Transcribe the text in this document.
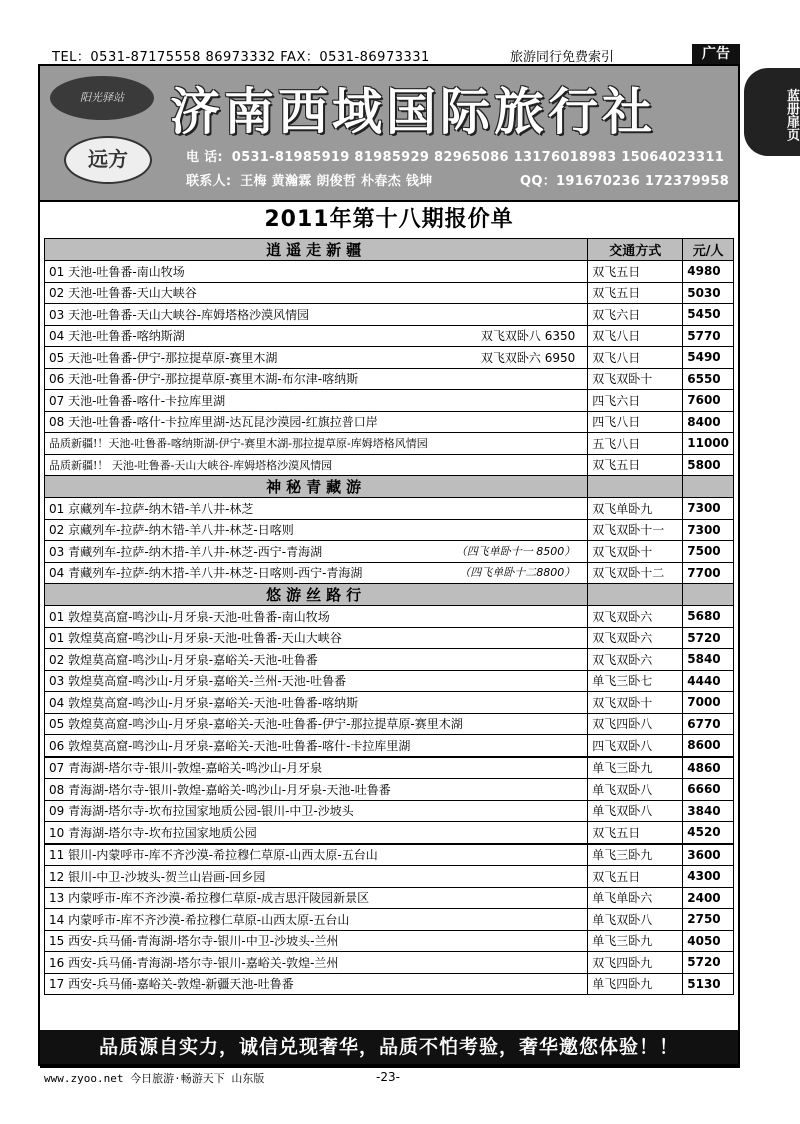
TEL：0531-87175558 86973332 FAX：0531-86973331	旅游同行免费索引	广告
蓝册扉页
阳光驿站
远方
济南西域国际旅行社
电 话: 0531-81985919 81985929 82965086 13176018983 15064023311
联系人: 王梅 黄瀚霖 朗俊哲 朴春杰 钱坤	QQ：191670236 172379958
2011年第十八期报价单
逍遥走新疆	交通方式	元/人
01 天池-吐鲁番-南山牧场	双飞五日	4980
02 天池-吐鲁番-天山大峡谷	双飞五日	5030
03 天池-吐鲁番-天山大峡谷-库姆塔格沙漠风情园	双飞六日	5450
04 天池-吐鲁番-喀纳斯湖 双飞双卧八 6350	双飞八日	5770
05 天池-吐鲁番-伊宁-那拉提草原-赛里木湖 双飞双卧六 6950	双飞八日	5490
06 天池-吐鲁番-伊宁-那拉提草原-赛里木湖-布尔津-喀纳斯	双飞双卧十	6550
07 天池-吐鲁番-喀什-卡拉库里湖	四飞六日	7600
08 天池-吐鲁番-喀什-卡拉库里湖-达瓦昆沙漠园-红旗拉普口岸	四飞八日	8400
品质新疆!！天池-吐鲁番-喀纳斯湖-伊宁-赛里木湖-那拉提草原-库姆塔格风情园	五飞八日	11000
品质新疆!！ 天池-吐鲁番-天山大峡谷-库姆塔格沙漠风情园	双飞五日	5800
神秘青藏游		
01 京藏列车-拉萨-纳木错-羊八井-林芝	双飞单卧九	7300
02 京藏列车-拉萨-纳木错-羊八井-林芝-日喀则	双飞双卧十一	7300
03 青藏列车-拉萨-纳木措-羊八井-林芝-西宁-青海湖 （四飞单卧十一 8500）	双飞双卧十	7500
04 青藏列车-拉萨-纳木措-羊八井-林芝-日喀则-西宁-青海湖 （四飞单卧十二8800）	双飞双卧十二	7700
悠游丝路行		
01 敦煌莫高窟-鸣沙山-月牙泉-天池-吐鲁番-南山牧场	双飞双卧六	5680
01 敦煌莫高窟-鸣沙山-月牙泉-天池-吐鲁番-天山大峡谷	双飞双卧六	5720
02 敦煌莫高窟-鸣沙山-月牙泉-嘉峪关-天池-吐鲁番	双飞双卧六	5840
03 敦煌莫高窟-鸣沙山-月牙泉-嘉峪关-兰州-天池-吐鲁番	单飞三卧七	4440
04 敦煌莫高窟-鸣沙山-月牙泉-嘉峪关-天池-吐鲁番-喀纳斯	双飞双卧十	7000
05 敦煌莫高窟-鸣沙山-月牙泉-嘉峪关-天池-吐鲁番-伊宁-那拉提草原-赛里木湖	双飞四卧八	6770
06 敦煌莫高窟-鸣沙山-月牙泉-嘉峪关-天池-吐鲁番-喀什-卡拉库里湖	四飞双卧八	8600
07 青海湖-塔尔寺-银川-敦煌-嘉峪关-鸣沙山-月牙泉	单飞三卧九	4860
08 青海湖-塔尔寺-银川-敦煌-嘉峪关-鸣沙山-月牙泉-天池-吐鲁番	单飞双卧八	6660
09 青海湖-塔尔寺-坎布拉国家地质公园-银川-中卫-沙坡头	单飞双卧八	3840
10 青海湖-塔尔寺-坎布拉国家地质公园	双飞五日	4520
11 银川-内蒙呼市-库不齐沙漠-希拉穆仁草原-山西太原-五台山	单飞三卧九	3600
12 银川-中卫-沙坡头-贺兰山岩画-回乡园	双飞五日	4300
13 内蒙呼市-库不齐沙漠-希拉穆仁草原-成吉思汗陵园新景区	单飞单卧六	2400
14 内蒙呼市-库不齐沙漠-希拉穆仁草原-山西太原-五台山	单飞双卧八	2750
15 西安-兵马俑-青海湖-塔尔寺-银川-中卫-沙坡头-兰州	单飞三卧九	4050
16 西安-兵马俑-青海湖-塔尔寺-银川-嘉峪关-敦煌-兰州	双飞四卧九	5720
17 西安-兵马俑-嘉峪关-敦煌-新疆天池-吐鲁番	单飞四卧九	5130
品质源自实力，诚信兑现奢华，品质不怕考验，奢华邀您体验！！
www.zyoo.net 今日旅游·畅游天下 山东版	-23-
